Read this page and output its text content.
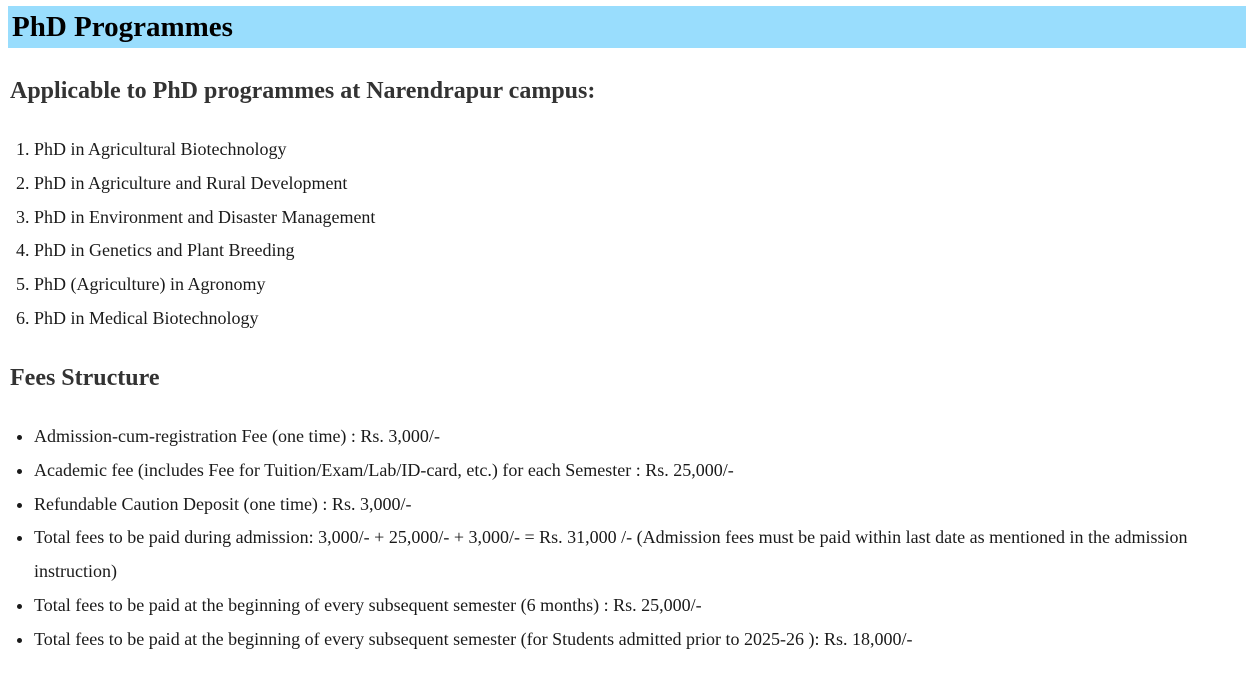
PhD Programmes
Applicable to PhD programmes at Narendrapur campus:
1. PhD in Agricultural Biotechnology
2. PhD in Agriculture and Rural Development
3. PhD in Environment and Disaster Management
4. PhD in Genetics and Plant Breeding
5. PhD (Agriculture) in Agronomy
6. PhD in Medical Biotechnology
Fees Structure
• Admission-cum-registration Fee (one time) : Rs. 3,000/-
• Academic fee (includes Fee for Tuition/Exam/Lab/ID-card, etc.) for each Semester : Rs. 25,000/-
• Refundable Caution Deposit (one time) : Rs. 3,000/-
• Total fees to be paid during admission: 3,000/- + 25,000/- + 3,000/- = Rs. 31,000 /- (Admission fees must be paid within last date as mentioned in the admission instruction)
• Total fees to be paid at the beginning of every subsequent semester (6 months) : Rs. 25,000/-
• Total fees to be paid at the beginning of every subsequent semester (for Students admitted prior to 2025-26 ): Rs. 18,000/-
